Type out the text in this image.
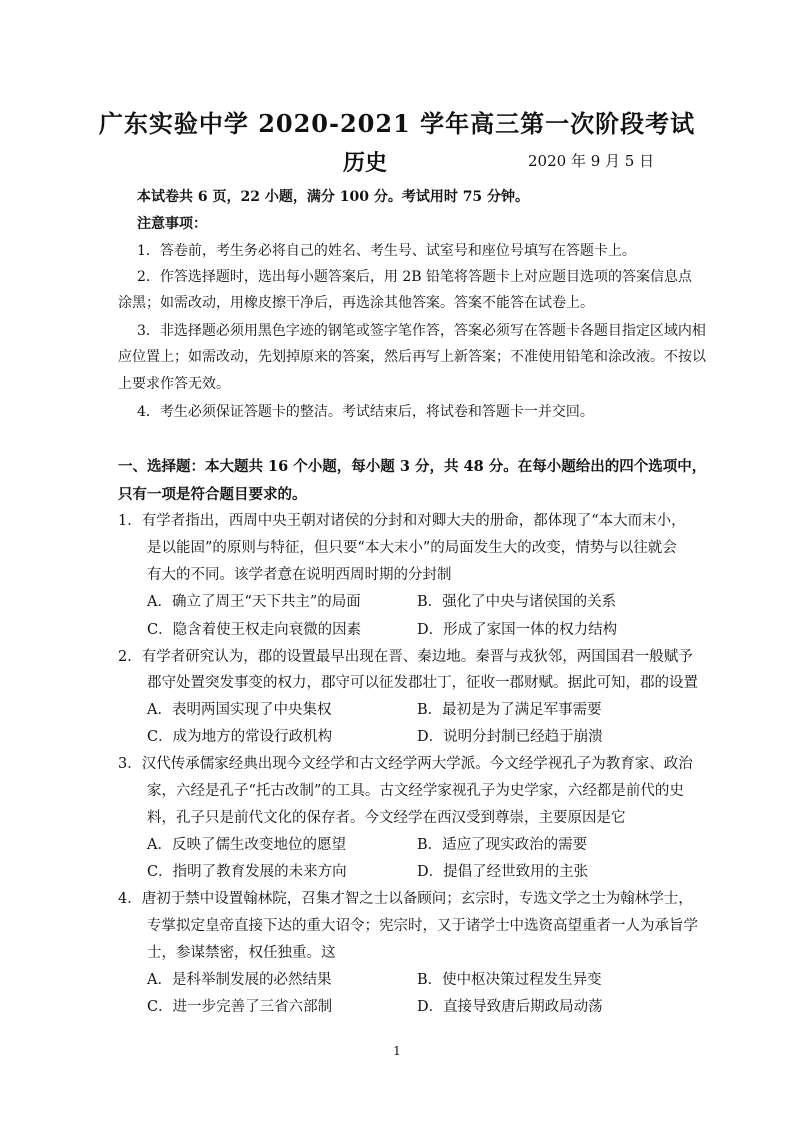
广东实验中学 2020-2021 学年高三第一次阶段考试
历史	2020 年 9 月 5 日
本试卷共 6 页，22 小题，满分 100 分。考试用时 75 分钟。
注意事项：
1．答卷前，考生务必将自己的姓名、考生号、试室号和座位号填写在答题卡上。
2．作答选择题时，选出每小题答案后，用 2B 铅笔将答题卡上对应题目选项的答案信息点
涂黑；如需改动，用橡皮擦干净后，再选涂其他答案。答案不能答在试卷上。
3．非选择题必须用黑色字迹的钢笔或签字笔作答，答案必须写在答题卡各题目指定区域内相
应位置上；如需改动，先划掉原来的答案，然后再写上新答案；不准使用铅笔和涂改液。不按以
上要求作答无效。
4．考生必须保证答题卡的整洁。考试结束后，将试卷和答题卡一并交回。
一、选择题：本大题共 16 个小题，每小题 3 分，共 48 分。在每小题给出的四个选项中，
只有一项是符合题目要求的。
1．有学者指出，西周中央王朝对诸侯的分封和对卿大夫的册命，都体现了“本大而末小，
是以能固”的原则与特征，但只要“本大末小”的局面发生大的改变，情势与以往就会
有大的不同。该学者意在说明西周时期的分封制
A．确立了周王“天下共主”的局面	B．强化了中央与诸侯国的关系
C．隐含着使王权走向衰微的因素	D．形成了家国一体的权力结构
2．有学者研究认为，郡的设置最早出现在晋、秦边地。秦晋与戎狄邻，两国国君一般赋予
郡守处置突发事变的权力，郡守可以征发郡壮丁，征收一郡财赋。据此可知，郡的设置
A．表明两国实现了中央集权	B．最初是为了满足军事需要
C．成为地方的常设行政机构	D．说明分封制已经趋于崩溃
3．汉代传承儒家经典出现今文经学和古文经学两大学派。今文经学视孔子为教育家、政治
家，六经是孔子“托古改制”的工具。古文经学家视孔子为史学家，六经都是前代的史
料，孔子只是前代文化的保存者。今文经学在西汉受到尊崇，主要原因是它
A．反映了儒生改变地位的愿望	B．适应了现实政治的需要
C．指明了教育发展的未来方向	D．提倡了经世致用的主张
4．唐初于禁中设置翰林院，召集才智之士以备顾问；玄宗时，专选文学之士为翰林学士，
专掌拟定皇帝直接下达的重大诏令；宪宗时，又于诸学士中选资高望重者一人为承旨学
士，参谋禁密，权任独重。这
A．是科举制发展的必然结果	B．使中枢决策过程发生异变
C．进一步完善了三省六部制	D．直接导致唐后期政局动荡
1
